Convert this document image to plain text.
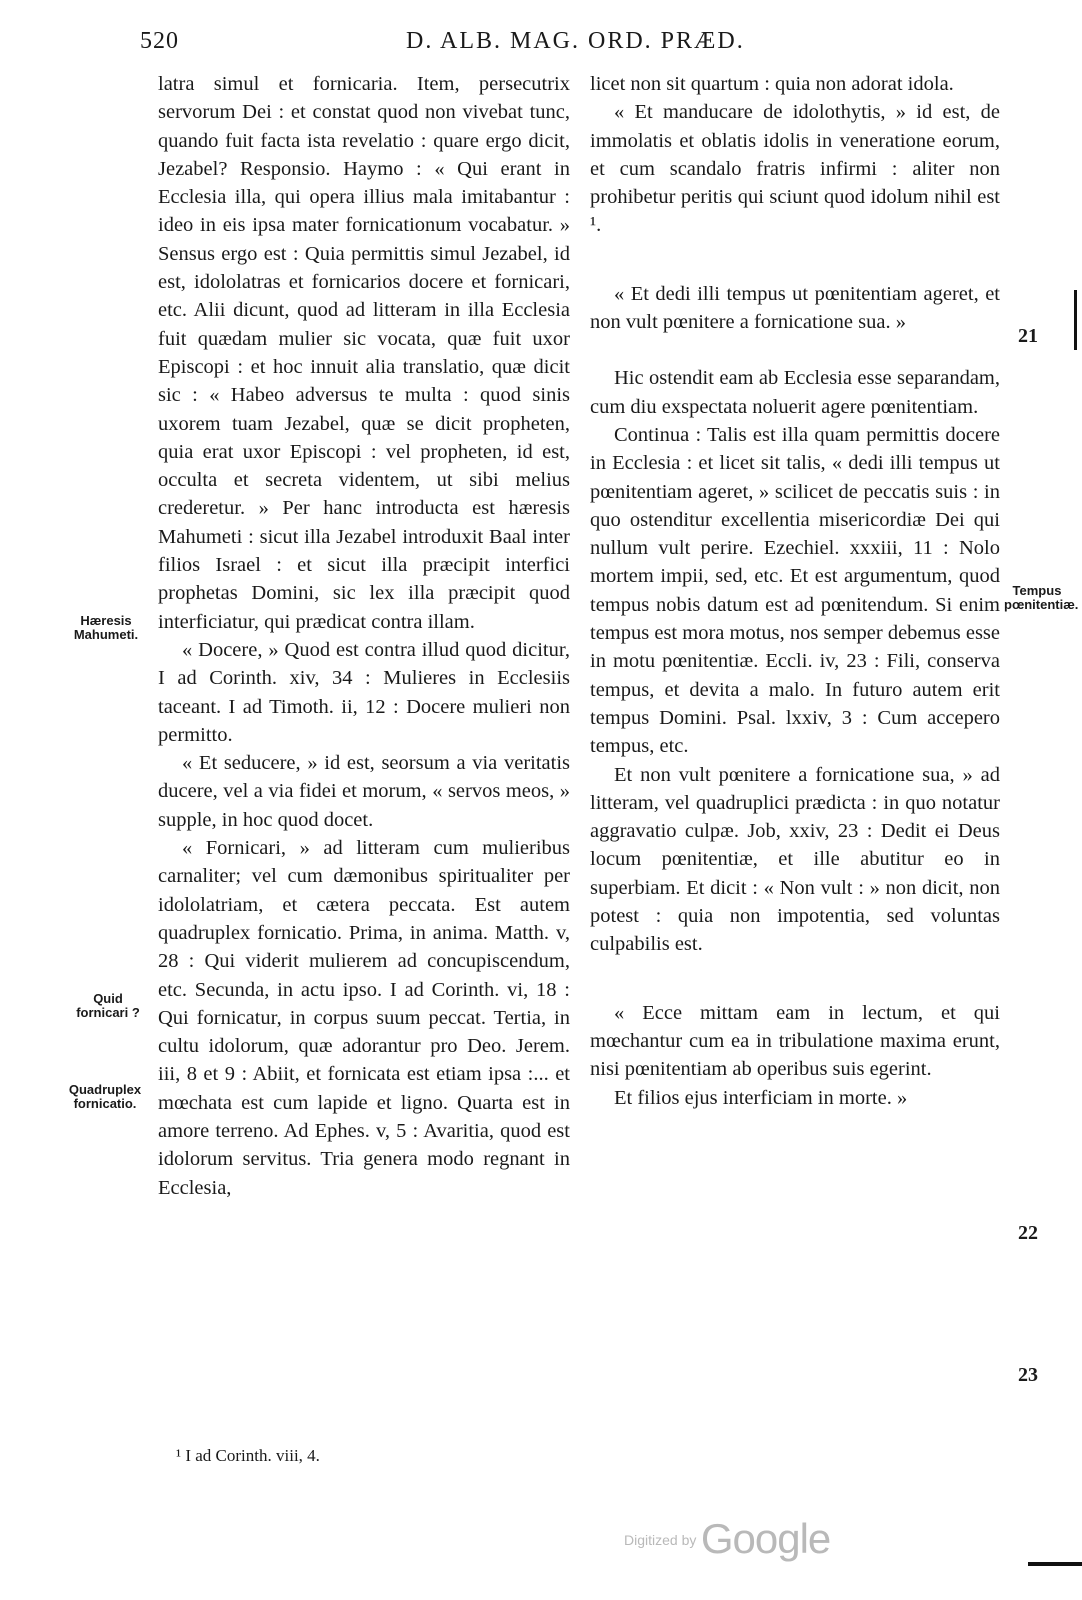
520	D. ALB. MAG. ORD. PRÆD.

latra simul et fornicaria. Item, persecutrix servorum Dei : et constat quod non vivebat tunc, quando fuit facta ista revelatio : quare ergo dicit, Jezabel? Responsio. Haymo : « Qui erant in Ecclesia illa, qui opera illius mala imitabantur : ideo in eis ipsa mater fornicationum vocabatur. » Sensus ergo est : Quia permittis simul Jezabel, id est, idololatras et fornicarios docere et fornicari, etc. Alii dicunt, quod ad litteram in illa Ecclesia fuit quædam mulier sic vocata, quæ fuit uxor Episcopi : et hoc innuit alia translatio, quæ dicit sic : « Habeo adversus te multa : quod sinis uxorem tuam Jezabel, quæ se dicit propheten, quia erat uxor Episcopi : vel propheten, id est, occulta et secreta videntem, ut sibi melius crederetur. » Per hanc introducta est hæresis Mahumeti : sicut illa Jezabel introduxit Baal inter filios Israel : et sicut illa præcipit interfici prophetas Domini, sic lex illa præcipit quod interficiatur, qui prædicat contra illam.

« Docere, » Quod est contra illud quod dicitur, I ad Corinth. xiv, 34 : Mulieres in Ecclesiis taceant. I ad Timoth. ii, 12 : Docere mulieri non permitto.

« Et seducere, » id est, seorsum a via veritatis ducere, vel a via fidei et morum, « servos meos, » supple, in hoc quod docet.

« Fornicari, » ad litteram cum mulieribus carnaliter; vel cum dæmonibus spiritualiter per idololatriam, et cætera peccata. Est autem quadruplex fornicatio. Prima, in anima. Matth. v, 28 : Qui viderit mulierem ad concupiscendum, etc. Secunda, in actu ipso. I ad Corinth. vi, 18 : Qui fornicatur, in corpus suum peccat. Tertia, in cultu idolorum, quæ adorantur pro Deo. Jerem. iii, 8 et 9 : Abiit, et fornicata est etiam ipsa :... et mœchata est cum lapide et ligno. Quarta est in amore terreno. Ad Ephes. v, 5 : Avaritia, quod est idolorum servitus. Tria genera modo regnant in Ecclesia,

licet non sit quartum : quia non adorat idola.

« Et manducare de idolothytis, » id est, de immolatis et oblatis idolis in veneratione eorum, et cum scandalo fratris infirmi : aliter non prohibetur peritis qui sciunt quod idolum nihil est ¹.

« Et dedi illi tempus ut pœnitentiam ageret, et non vult pœnitere a fornicatione sua. »

Hic ostendit eam ab Ecclesia esse separandam, cum diu exspectata noluerit agere pœnitentiam.

Continua : Talis est illa quam permittis docere in Ecclesia : et licet sit talis, « dedi illi tempus ut pœnitentiam ageret, » scilicet de peccatis suis : in quo ostenditur excellentia misericordiæ Dei qui nullum vult perire. Ezechiel. xxxiii, 11 : Nolo mortem impii, sed, etc. Et est argumentum, quod tempus nobis datum est ad pœnitendum. Si enim tempus est mora motus, nos semper debemus esse in motu pœnitentiæ. Eccli. iv, 23 : Fili, conserva tempus, et devita a malo. In futuro autem erit tempus Domini. Psal. lxxiv, 3 : Cum accepero tempus, etc.

Et non vult pœnitere a fornicatione sua, » ad litteram, vel quadruplici prædicta : in quo notatur aggravatio culpæ. Job, xxiv, 23 : Dedit ei Deus locum pœnitentiæ, et ille abutitur eo in superbiam. Et dicit : « Non vult : » non dicit, non potest : quia non impotentia, sed voluntas culpabilis est.

« Ecce mittam eam in lectum, et qui mœchantur cum ea in tribulatione maxima erunt, nisi pœnitentiam ab operibus suis egerint.

Et filios ejus interficiam in morte. »

Hæresis Mahumeti.
Quid fornicari ?
Quadruplex fornicatio.
Tempus pœnitentiæ.
21
22
23
¹ I ad Corinth. viii, 4.
Digitized by Google
